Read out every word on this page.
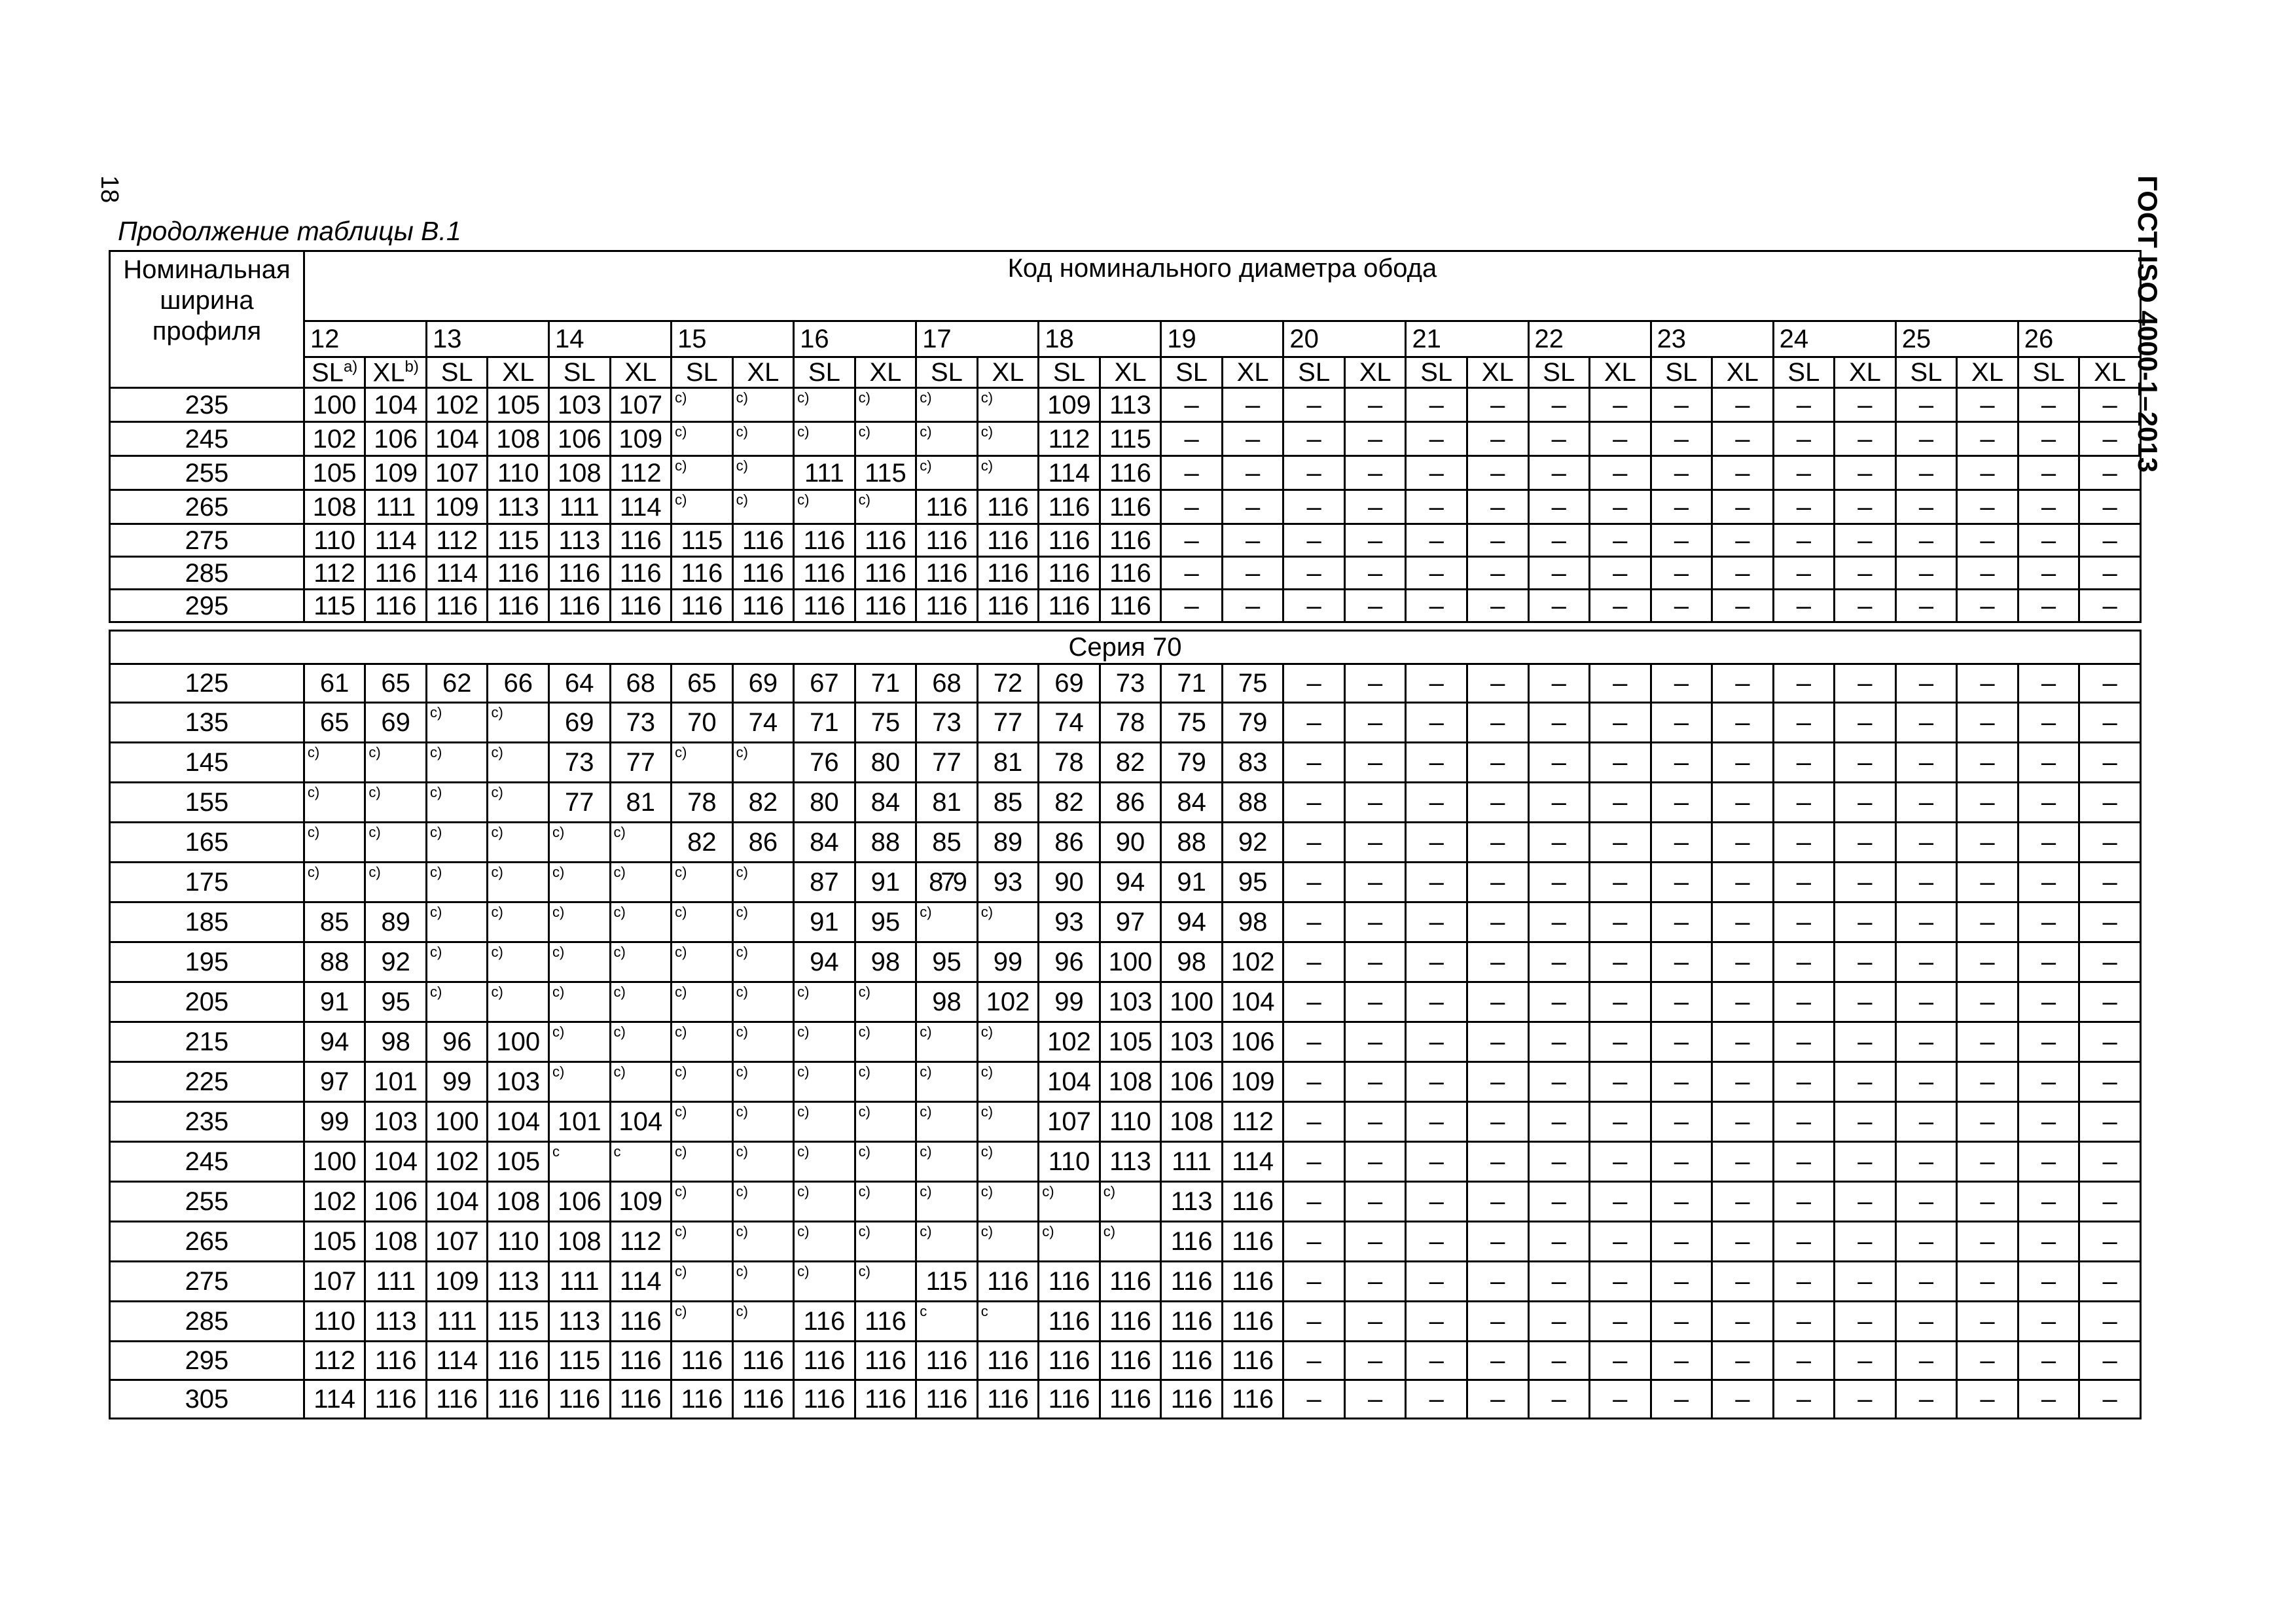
18	ГОСТ ISO 4000-1–2013
Продолжение таблицы В.1
Номинальная ширина профиля	Код номинального диаметра обода																													
	12		13		14		15		16		17		18		19		20		21		22		23		24		25		26	
	SL$^{a)}$	XL$^{b)}$	SL	XL	SL	XL	SL	XL	SL	XL	SL	XL	SL	XL	SL	XL	SL	XL	SL	XL	SL	XL	SL	XL	SL	XL	SL	XL	SL	XL
235	100	104	102	105	103	107	c)	c)	c)	c)	c)	c)	109	113	–	–	–	–	–	–	–	–	–	–	–	–	–	–	–	–
245	102	106	104	108	106	109	c)	c)	c)	c)	c)	c)	112	115	–	–	–	–	–	–	–	–	–	–	–	–	–	–	–	–
255	105	109	107	110	108	112	c)	c)	111	115	c)	c)	114	116	–	–	–	–	–	–	–	–	–	–	–	–	–	–	–	–
265	108	111	109	113	111	114	c)	c)	c)	c)	116	116	116	116	–	–	–	–	–	–	–	–	–	–	–	–	–	–	–	–
275	110	114	112	115	113	116	115	116	116	116	116	116	116	116	–	–	–	–	–	–	–	–	–	–	–	–	–	–	–	–
285	112	116	114	116	116	116	116	116	116	116	116	116	116	116	–	–	–	–	–	–	–	–	–	–	–	–	–	–	–	–
295	115	116	116	116	116	116	116	116	116	116	116	116	116	116	–	–	–	–	–	–	–	–	–	–	–	–	–	–	–	–

Серия 70																														
125	61	65	62	66	64	68	65	69	67	71	68	72	69	73	71	75	–	–	–	–	–	–	–	–	–	–	–	–	–	–
135	65	69	c)	c)	69	73	70	74	71	75	73	77	74	78	75	79	–	–	–	–	–	–	–	–	–	–	–	–	–	–
145	c)	c)	c)	c)	73	77	c)	c)	76	80	77	81	78	82	79	83	–	–	–	–	–	–	–	–	–	–	–	–	–	–
155	c)	c)	c)	c)	77	81	78	82	80	84	81	85	82	86	84	88	–	–	–	–	–	–	–	–	–	–	–	–	–	–
165	c)	c)	c)	c)	c)	c)	82	86	84	88	85	89	86	90	88	92	–	–	–	–	–	–	–	–	–	–	–	–	–	–
175	c)	c)	c)	c)	c)	c)	c)	c)	87	91	879	93	90	94	91	95	–	–	–	–	–	–	–	–	–	–	–	–	–	–
185	85	89	c)	c)	c)	c)	c)	c)	91	95	c)	c)	93	97	94	98	–	–	–	–	–	–	–	–	–	–	–	–	–	–
195	88	92	c)	c)	c)	c)	c)	c)	94	98	95	99	96	100	98	102	–	–	–	–	–	–	–	–	–	–	–	–	–	–
205	91	95	c)	c)	c)	c)	c)	c)	c)	c)	98	102	99	103	100	104	–	–	–	–	–	–	–	–	–	–	–	–	–	–
215	94	98	96	100	c)	c)	c)	c)	c)	c)	c)	c)	102	105	103	106	–	–	–	–	–	–	–	–	–	–	–	–	–	–
225	97	101	99	103	c)	c)	c)	c)	c)	c)	c)	c)	104	108	106	109	–	–	–	–	–	–	–	–	–	–	–	–	–	–
235	99	103	100	104	101	104	c)	c)	c)	c)	c)	c)	107	110	108	112	–	–	–	–	–	–	–	–	–	–	–	–	–	–
245	100	104	102	105	c	c	c)	c)	c)	c)	c)	c)	110	113	111	114	–	–	–	–	–	–	–	–	–	–	–	–	–	–
255	102	106	104	108	106	109	c)	c)	c)	c)	c)	c)	c)	c)	113	116	–	–	–	–	–	–	–	–	–	–	–	–	–	–
265	105	108	107	110	108	112	c)	c)	c)	c)	c)	c)	c)	c)	116	116	–	–	–	–	–	–	–	–	–	–	–	–	–	–
275	107	111	109	113	111	114	c)	c)	c)	c)	115	116	116	116	116	116	–	–	–	–	–	–	–	–	–	–	–	–	–	–
285	110	113	111	115	113	116	c)	c)	116	116	c	c	116	116	116	116	–	–	–	–	–	–	–	–	–	–	–	–	–	–
295	112	116	114	116	115	116	116	116	116	116	116	116	116	116	116	116	–	–	–	–	–	–	–	–	–	–	–	–	–	–
305	114	116	116	116	116	116	116	116	116	116	116	116	116	116	116	116	–	–	–	–	–	–	–	–	–	–	–	–	–	–
